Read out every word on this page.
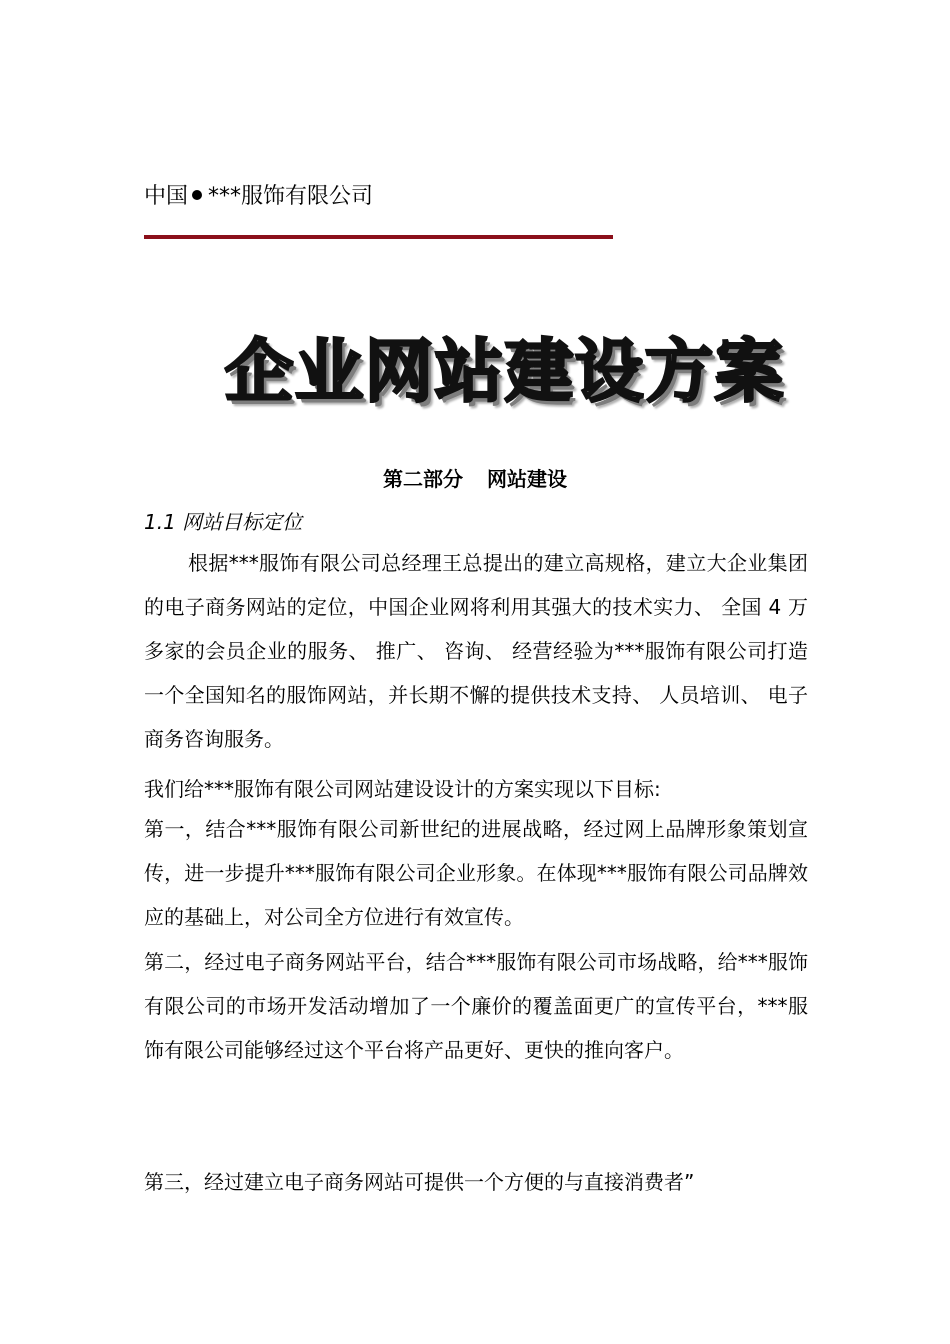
中国 ***服饰有限公司
企业网站建设方案
第二部分 网站建设
1.1 网站目标定位

根据***服饰有限公司总经理王总提出的建立高规格，建立大企业集团的电子商务网站的定位，中国企业网将利用其强大的技术实力、 全国 4 万多家的会员企业的服务、 推广、 咨询、 经营经验为***服饰有限公司打造一个全国知名的服饰网站，并长期不懈的提供技术支持、 人员培训、 电子商务咨询服务。

我们给***服饰有限公司网站建设设计的方案实现以下目标:

第一，结合***服饰有限公司新世纪的进展战略，经过网上品牌形象策划宣传，进一步提升***服饰有限公司企业形象。在体现***服饰有限公司品牌效应的基础上，对公司全方位进行有效宣传。

第二，经过电子商务网站平台，结合***服饰有限公司市场战略，给***服饰有限公司的市场开发活动增加了一个廉价的覆盖面更广的宣传平台，***服饰有限公司能够经过这个平台将产品更好、更快的推向客户。

第三，经过建立电子商务网站可提供一个方便的与直接消费者”
